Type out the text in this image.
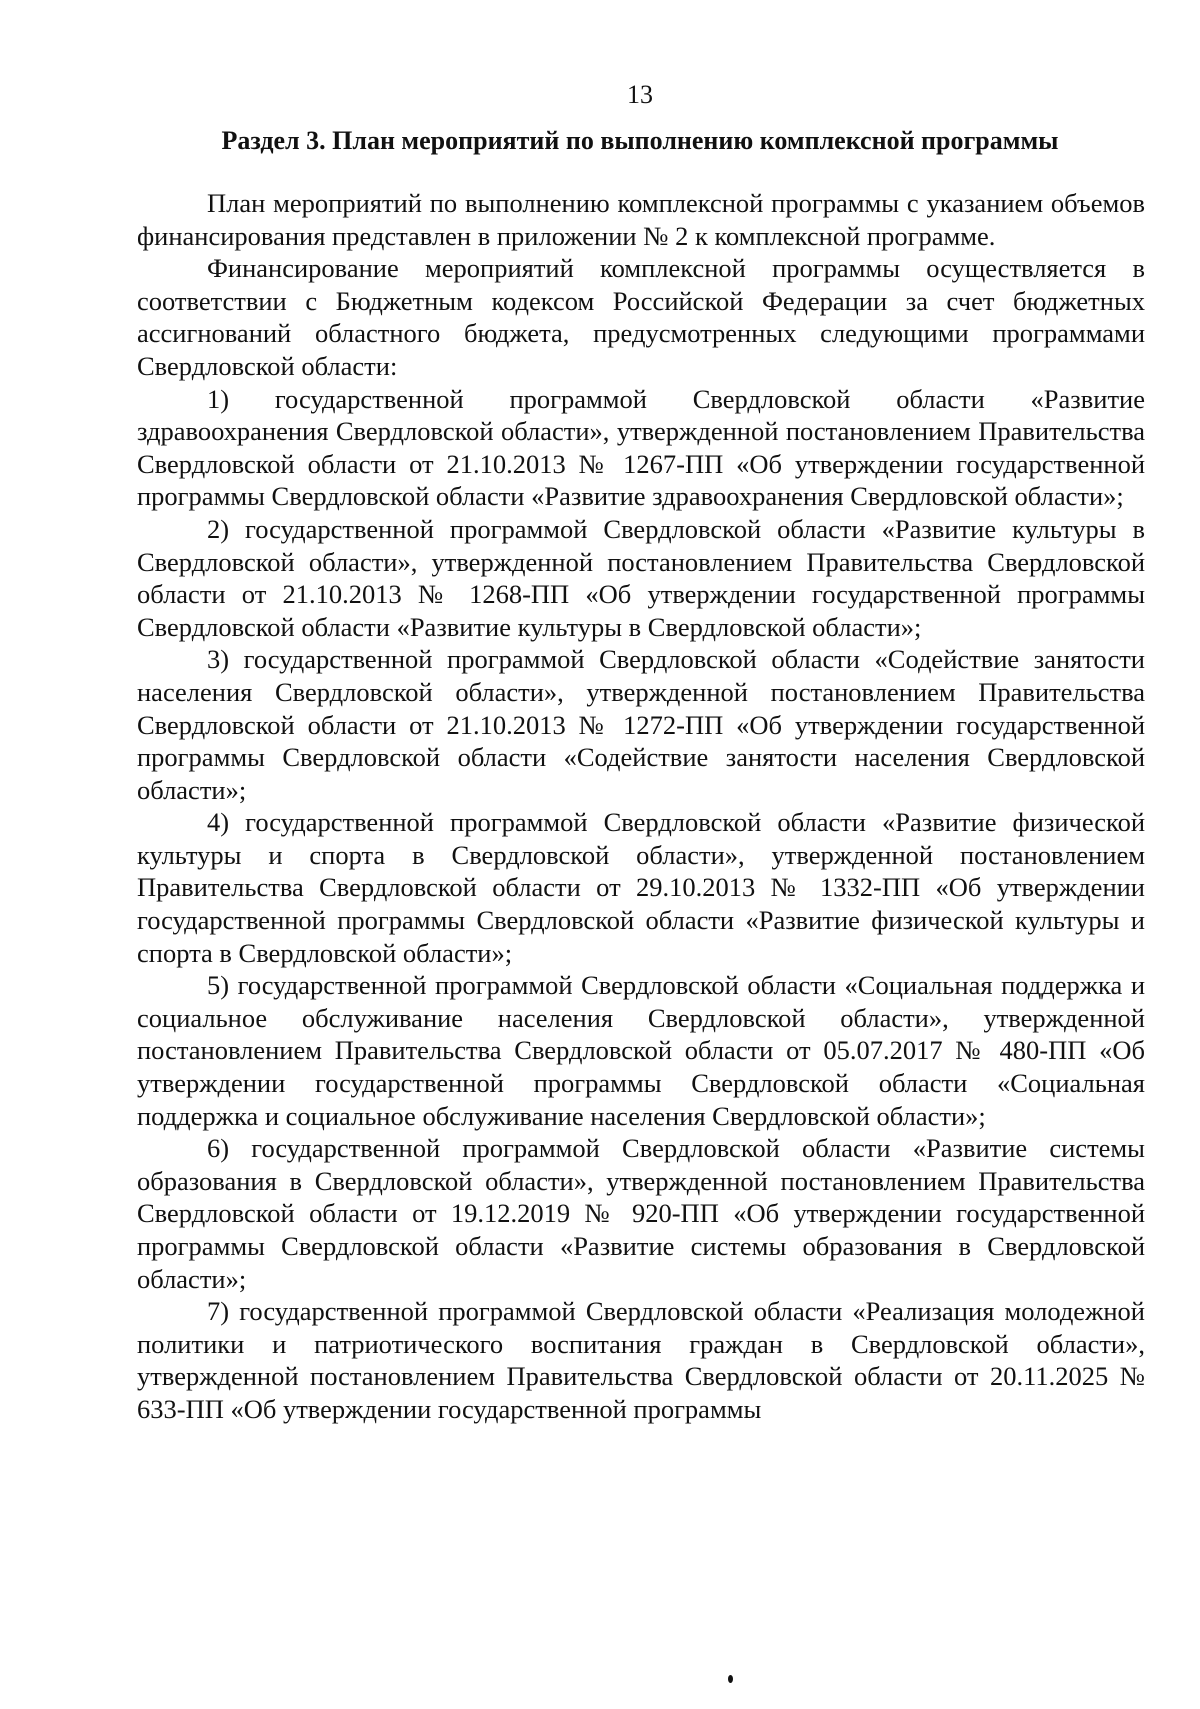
13
Раздел 3. План мероприятий по выполнению комплексной программы

План мероприятий по выполнению комплексной программы с указанием объемов финансирования представлен в приложении № 2 к комплексной программе.

Финансирование мероприятий комплексной программы осуществляется в соответствии с Бюджетным кодексом Российской Федерации за счет бюджетных ассигнований областного бюджета, предусмотренных следующими программами Свердловской области:

1) государственной программой Свердловской области «Развитие здравоохранения Свердловской области», утвержденной постановлением Правительства Свердловской области от 21.10.2013 № 1267-ПП «Об утверждении государственной программы Свердловской области «Развитие здравоохранения Свердловской области»;

2) государственной программой Свердловской области «Развитие культуры в Свердловской области», утвержденной постановлением Правительства Свердловской области от 21.10.2013 № 1268-ПП «Об утверждении государственной программы Свердловской области «Развитие культуры в Свердловской области»;

3) государственной программой Свердловской области «Содействие занятости населения Свердловской области», утвержденной постановлением Правительства Свердловской области от 21.10.2013 № 1272-ПП «Об утверждении государственной программы Свердловской области «Содействие занятости населения Свердловской области»;

4) государственной программой Свердловской области «Развитие физической культуры и спорта в Свердловской области», утвержденной постановлением Правительства Свердловской области от 29.10.2013 № 1332-ПП «Об утверждении государственной программы Свердловской области «Развитие физической культуры и спорта в Свердловской области»;

5) государственной программой Свердловской области «Социальная поддержка и социальное обслуживание населения Свердловской области», утвержденной постановлением Правительства Свердловской области от 05.07.2017 № 480-ПП «Об утверждении государственной программы Свердловской области «Социальная поддержка и социальное обслуживание населения Свердловской области»;

6) государственной программой Свердловской области «Развитие системы образования в Свердловской области», утвержденной постановлением Правительства Свердловской области от 19.12.2019 № 920-ПП «Об утверждении государственной программы Свердловской области «Развитие системы образования в Свердловской области»;

7) государственной программой Свердловской области «Реализация молодежной политики и патриотического воспитания граждан в Свердловской области», утвержденной постановлением Правительства Свердловской области от 20.11.2025 № 633-ПП «Об утверждении государственной программы
